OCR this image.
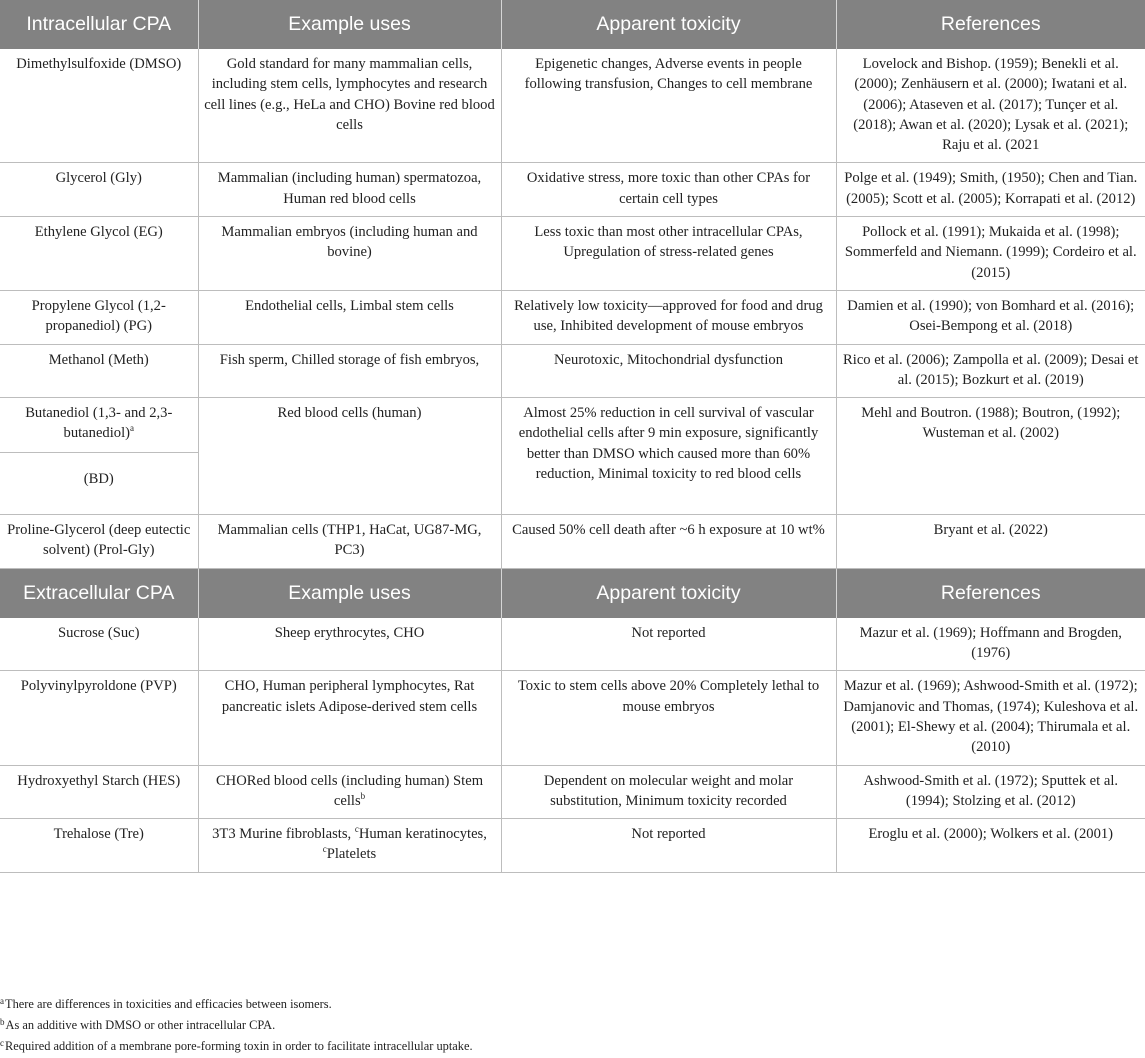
Intracellular CPA	Example uses	Apparent toxicity	References
Dimethylsulfoxide (DMSO)	Gold standard for many mammalian cells, including stem cells, lymphocytes and research cell lines (e.g., HeLa and CHO) Bovine red blood cells	Epigenetic changes, Adverse events in people following transfusion, Changes to cell membrane	Lovelock and Bishop. (1959); Benekli et al. (2000); Zenhäusern et al. (2000); Iwatani et al. (2006); Ataseven et al. (2017); Tunçer et al. (2018); Awan et al. (2020); Lysak et al. (2021); Raju et al. (2021
Glycerol (Gly)	Mammalian (including human) spermatozoa, Human red blood cells	Oxidative stress, more toxic than other CPAs for certain cell types	Polge et al. (1949); Smith, (1950); Chen and Tian. (2005); Scott et al. (2005); Korrapati et al. (2012)
Ethylene Glycol (EG)	Mammalian embryos (including human and bovine)	Less toxic than most other intracellular CPAs, Upregulation of stress-related genes	Pollock et al. (1991); Mukaida et al. (1998); Sommerfeld and Niemann. (1999); Cordeiro et al. (2015)
Propylene Glycol (1,2-propanediol) (PG)	Endothelial cells, Limbal stem cells	Relatively low toxicity—approved for food and drug use, Inhibited development of mouse embryos	Damien et al. (1990); von Bomhard et al. (2016); Osei-Bempong et al. (2018)
Methanol (Meth)	Fish sperm, Chilled storage of fish embryos,	Neurotoxic, Mitochondrial dysfunction	Rico et al. (2006); Zampolla et al. (2009); Desai et al. (2015); Bozkurt et al. (2019)
Butanediol (1,3- and 2,3-butanediol)$^a$	Red blood cells (human)	Almost 25% reduction in cell survival of vascular endothelial cells after 9 min exposure, significantly better than DMSO which caused more than 60% reduction, Minimal toxicity to red blood cells	Mehl and Boutron. (1988); Boutron, (1992); Wusteman et al. (2002)
(BD)			
Proline-Glycerol (deep eutectic solvent) (Prol-Gly)	Mammalian cells (THP1, HaCat, UG87-MG, PC3)	Caused 50% cell death after ~6 h exposure at 10 wt%	Bryant et al. (2022)
Extracellular CPA	Example uses	Apparent toxicity	References
Sucrose (Suc)	Sheep erythrocytes, CHO	Not reported	Mazur et al. (1969); Hoffmann and Brogden, (1976)
Polyvinylpyroldone (PVP)	CHO, Human peripheral lymphocytes, Rat pancreatic islets Adipose-derived stem cells	Toxic to stem cells above 20% Completely lethal to mouse embryos	Mazur et al. (1969); Ashwood-Smith et al. (1972); Damjanovic and Thomas, (1974); Kuleshova et al. (2001); El-Shewy et al. (2004); Thirumala et al. (2010)
Hydroxyethyl Starch (HES)	CHORed blood cells (including human) Stem cells$^b$	Dependent on molecular weight and molar substitution, Minimum toxicity recorded	Ashwood-Smith et al. (1972); Sputtek et al. (1994); Stolzing et al. (2012)
Trehalose (Tre)	3T3 Murine fibroblasts, $^c$Human keratinocytes, $^c$Platelets	Not reported	Eroglu et al. (2000); Wolkers et al. (2001)
$^a$There are differences in toxicities and efficacies between isomers.
$^b$As an additive with DMSO or other intracellular CPA.
$^c$Required addition of a membrane pore-forming toxin in order to facilitate intracellular uptake.
